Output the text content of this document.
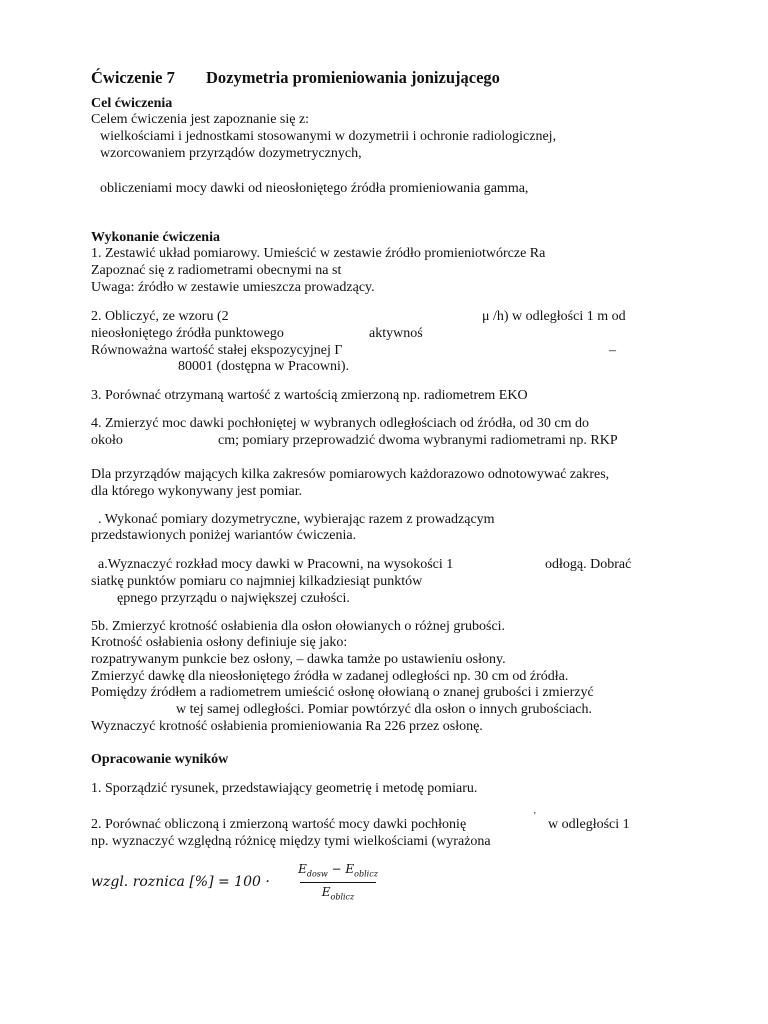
Ćwiczenie 7 Dozymetria promieniowania jonizującego
Cel ćwiczenia
Celem ćwiczenia jest zapoznanie się z:
wielkościami i jednostkami stosowanymi w dozymetrii i ochronie radiologicznej,
wzorcowaniem przyrządów dozymetrycznych,
obliczeniami mocy dawki od nieosłoniętego źródła promieniowania gamma,
Wykonanie ćwiczenia
1. Zestawić układ pomiarowy. Umieścić w zestawie źródło promieniotwórcze Ra
Zapoznać się z radiometrami obecnymi na st
Uwaga: źródło w zestawie umieszcza prowadzący.
2. Obliczyć, ze wzoru (2	μ /h) w odległości 1 m od
nieosłoniętego źródła punktowego	aktywnoś
Równoważna wartość stałej ekspozycyjnej Γ	–
80001 (dostępna w Pracowni).
3. Porównać otrzymaną wartość z wartością zmierzoną np. radiometrem EKO
4. Zmierzyć moc dawki pochłoniętej w wybranych odległościach od źródła, od 30 cm do
około	cm; pomiary przeprowadzić dwoma wybranymi radiometrami np. RKP
Dla przyrządów mających kilka zakresów pomiarowych każdorazowo odnotowywać zakres,
dla którego wykonywany jest pomiar.
. Wykonać pomiary dozymetryczne, wybierając razem z prowadzącym
przedstawionych poniżej wariantów ćwiczenia.
a.Wyznaczyć rozkład mocy dawki w Pracowni, na wysokości 1	odłogą. Dobrać
siatkę punktów pomiaru co najmniej kilkadziesiąt punktów
ępnego przyrządu o największej czułości.
5b. Zmierzyć krotność osłabienia dla osłon ołowianych o różnej grubości.
Krotność osłabienia osłony definiuje się jako:
rozpatrywanym punkcie bez osłony, – dawka tamże po ustawieniu osłony.
Zmierzyć dawkę dla nieosłoniętego źródła w zadanej odległości np. 30 cm od źródła.
Pomiędzy źródłem a radiometrem umieścić osłonę ołowianą o znanej grubości i zmierzyć
w tej samej odległości. Pomiar powtórzyć dla osłon o innych grubościach.
Wyznaczyć krotność osłabienia promieniowania Ra 226 przez osłonę.
Opracowanie wyników
1. Sporządzić rysunek, przedstawiający geometrię i metodę pomiaru.
2. Porównać obliczoną i zmierzoną wartość mocy dawki pochłonię
'
w odległości 1
np. wyznaczyć względną różnicę między tymi wielkościami (wyrażona
wzgl. roznica [%] = 100 ·
$E_{dosw} - E_{oblicz}$
$E_{oblicz}$
